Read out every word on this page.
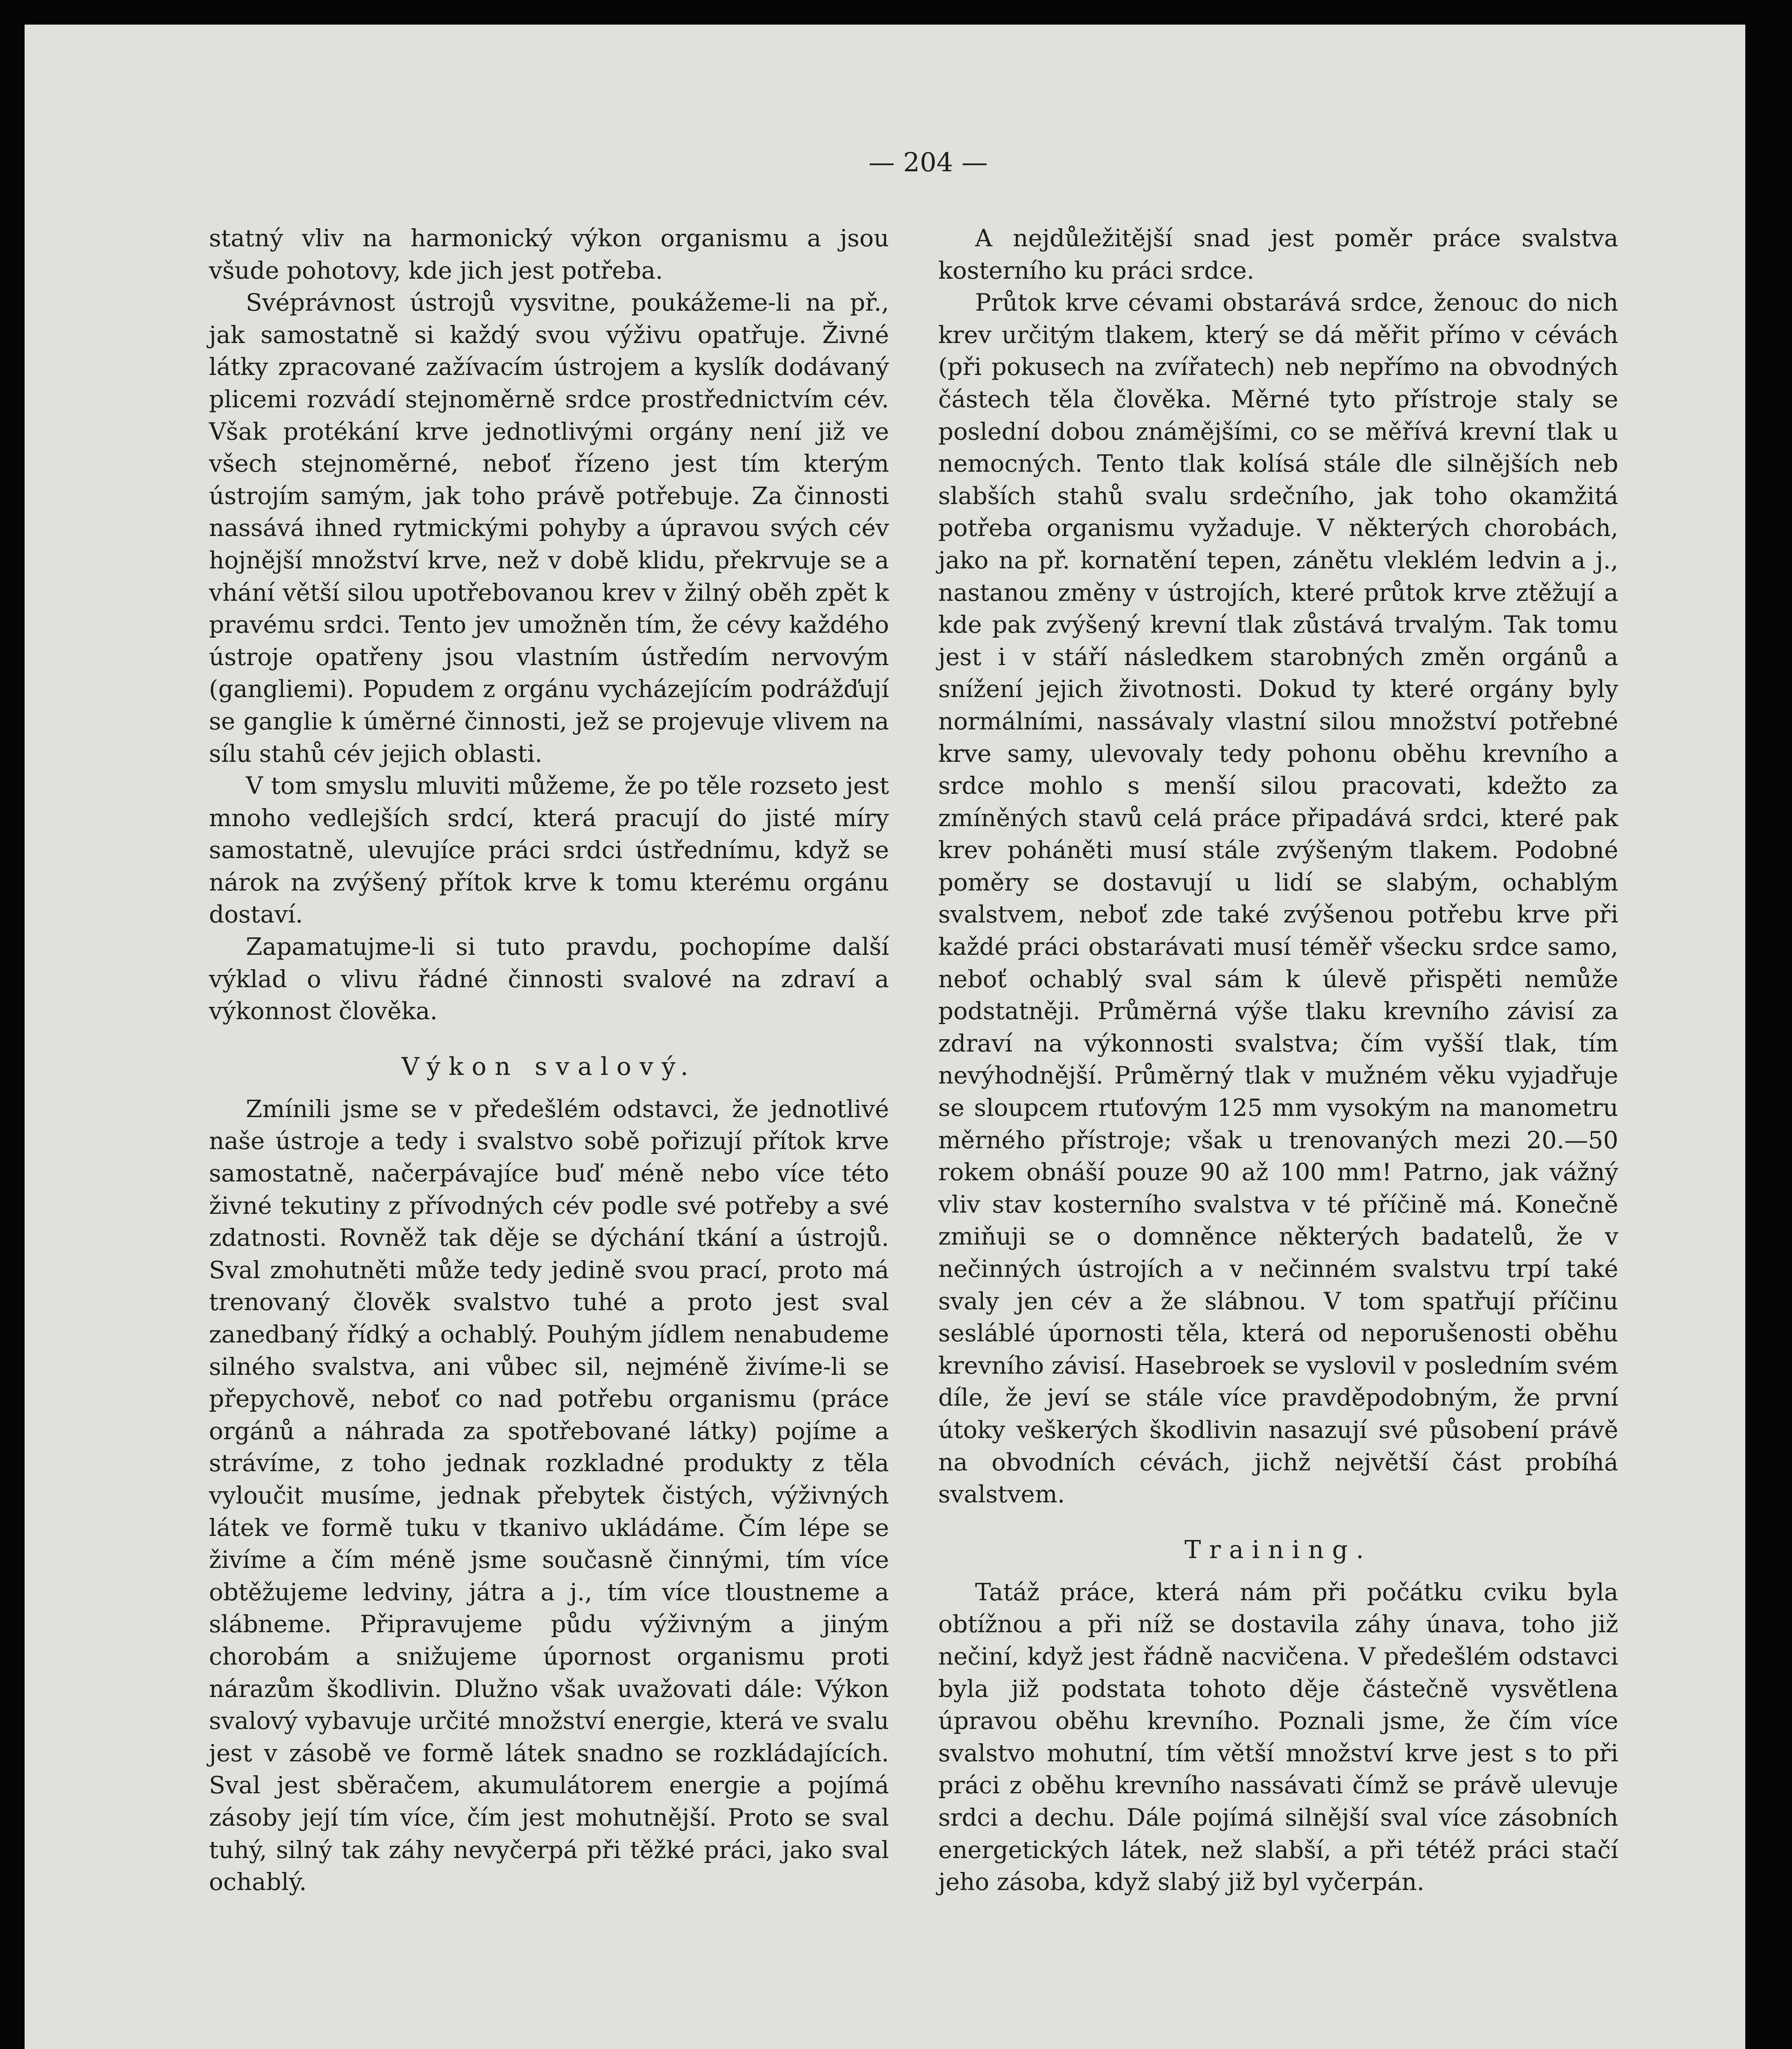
— 204 —

statný vliv na harmonický výkon organismu a jsou všude pohotovy, kde jich jest potřeba.

Svéprávnost ústrojů vysvitne, poukážeme-li na př., jak samostatně si každý svou výživu opatřuje. Živné látky zpracované zažívacím ústrojem a kyslík dodávaný plicemi rozvádí stejnoměrně srdce prostřednictvím cév. Však protékání krve jednotlivými orgány není již ve všech stejnoměrné, neboť řízeno jest tím kterým ústrojím samým, jak toho právě potřebuje. Za činnosti nassává ihned rytmickými pohyby a úpravou svých cév hojnější množství krve, než v době klidu, překrvuje se a vhání větší silou upotřebovanou krev v žilný oběh zpět k pravému srdci. Tento jev umožněn tím, že cévy každého ústroje opatřeny jsou vlastním ústředím nervovým (gangliemi). Popudem z orgánu vycházejícím podrážďují se ganglie k úměrné činnosti, jež se projevuje vlivem na sílu stahů cév jejich oblasti.

V tom smyslu mluviti můžeme, že po těle rozseto jest mnoho vedlejších srdcí, která pracují do jisté míry samostatně, ulevujíce práci srdci ústřednímu, když se nárok na zvýšený přítok krve k tomu kterému orgánu dostaví.

Zapamatujme-li si tuto pravdu, pochopíme další výklad o vlivu řádné činnosti svalové na zdraví a výkonnost člověka.

Výkon svalový.

Zmínili jsme se v předešlém odstavci, že jednotlivé naše ústroje a tedy i svalstvo sobě pořizují přítok krve samostatně, načerpávajíce buď méně nebo více této živné tekutiny z přívodných cév podle své potřeby a své zdatnosti. Rovněž tak děje se dýchání tkání a ústrojů. Sval zmohutněti může tedy jedině svou prací, proto má trenovaný člověk svalstvo tuhé a proto jest sval zanedbaný řídký a ochablý. Pouhým jídlem nenabudeme silného svalstva, ani vůbec sil, nejméně živíme-li se přepychově, neboť co nad potřebu organismu (práce orgánů a náhrada za spotřebované látky) pojíme a strávíme, z toho jednak rozkladné produkty z těla vyloučit musíme, jednak přebytek čistých, výživných látek ve formě tuku v tkanivo ukládáme. Čím lépe se živíme a čím méně jsme současně činnými, tím více obtěžujeme ledviny, játra a j., tím více tloustneme a slábneme. Připravujeme půdu výživným a jiným chorobám a snižujeme úpornost organismu proti nárazům škodlivin. Dlužno však uvažovati dále: Výkon svalový vybavuje určité množství energie, která ve svalu jest v zásobě ve formě látek snadno se rozkládajících. Sval jest sběračem, akumulátorem energie a pojímá zásoby její tím více, čím jest mohutnější. Proto se sval tuhý, silný tak záhy nevyčerpá při těžké práci, jako sval ochablý.

A nejdůležitější snad jest poměr práce svalstva kosterního ku práci srdce.

Průtok krve cévami obstarává srdce, ženouc do nich krev určitým tlakem, který se dá měřit přímo v cévách (při pokusech na zvířatech) neb nepřímo na obvodných částech těla člověka. Měrné tyto přístroje staly se poslední dobou známějšími, co se měřívá krevní tlak u nemocných. Tento tlak kolísá stále dle silnějších neb slabších stahů svalu srdečního, jak toho okamžitá potřeba organismu vyžaduje. V některých chorobách, jako na př. kornatění tepen, zánětu vleklém ledvin a j., nastanou změny v ústrojích, které průtok krve ztěžují a kde pak zvýšený krevní tlak zůstává trvalým. Tak tomu jest i v stáří následkem starobných změn orgánů a snížení jejich životnosti. Dokud ty které orgány byly normálními, nassávaly vlastní silou množství potřebné krve samy, ulevovaly tedy pohonu oběhu krevního a srdce mohlo s menší silou pracovati, kdežto za zmíněných stavů celá práce připadává srdci, které pak krev poháněti musí stále zvýšeným tlakem. Podobné poměry se dostavují u lidí se slabým, ochablým svalstvem, neboť zde také zvýšenou potřebu krve při každé práci obstarávati musí téměř všecku srdce samo, neboť ochablý sval sám k úlevě přispěti nemůže podstatněji. Průměrná výše tlaku krevního závisí za zdraví na výkonnosti svalstva; čím vyšší tlak, tím nevýhodnější. Průměrný tlak v mužném věku vyjadřuje se sloupcem rtuťovým 125 mm vysokým na manometru měrného přístroje; však u trenovaných mezi 20.—50 rokem obnáší pouze 90 až 100 mm! Patrno, jak vážný vliv stav kosterního svalstva v té příčině má. Konečně zmiňuji se o domněnce některých badatelů, že v nečinných ústrojích a v nečinném svalstvu trpí také svaly jen cév a že slábnou. V tom spatřují příčinu sesláblé úpornosti těla, která od neporušenosti oběhu krevního závisí. Hasebroek se vyslovil v posledním svém díle, že jeví se stále více pravděpodobným, že první útoky veškerých škodlivin nasazují své působení právě na obvodních cévách, jichž největší část probíhá svalstvem.

Training.

Tatáž práce, která nám při počátku cviku byla obtížnou a při níž se dostavila záhy únava, toho již nečiní, když jest řádně nacvičena. V předešlém odstavci byla již podstata tohoto děje částečně vysvětlena úpravou oběhu krevního. Poznali jsme, že čím více svalstvo mohutní, tím větší množství krve jest s to při práci z oběhu krevního nassávati čímž se právě ulevuje srdci a dechu. Dále pojímá silnější sval více zásobních energetických látek, než slabší, a při tétéž práci stačí jeho zásoba, když slabý již byl vyčerpán.
